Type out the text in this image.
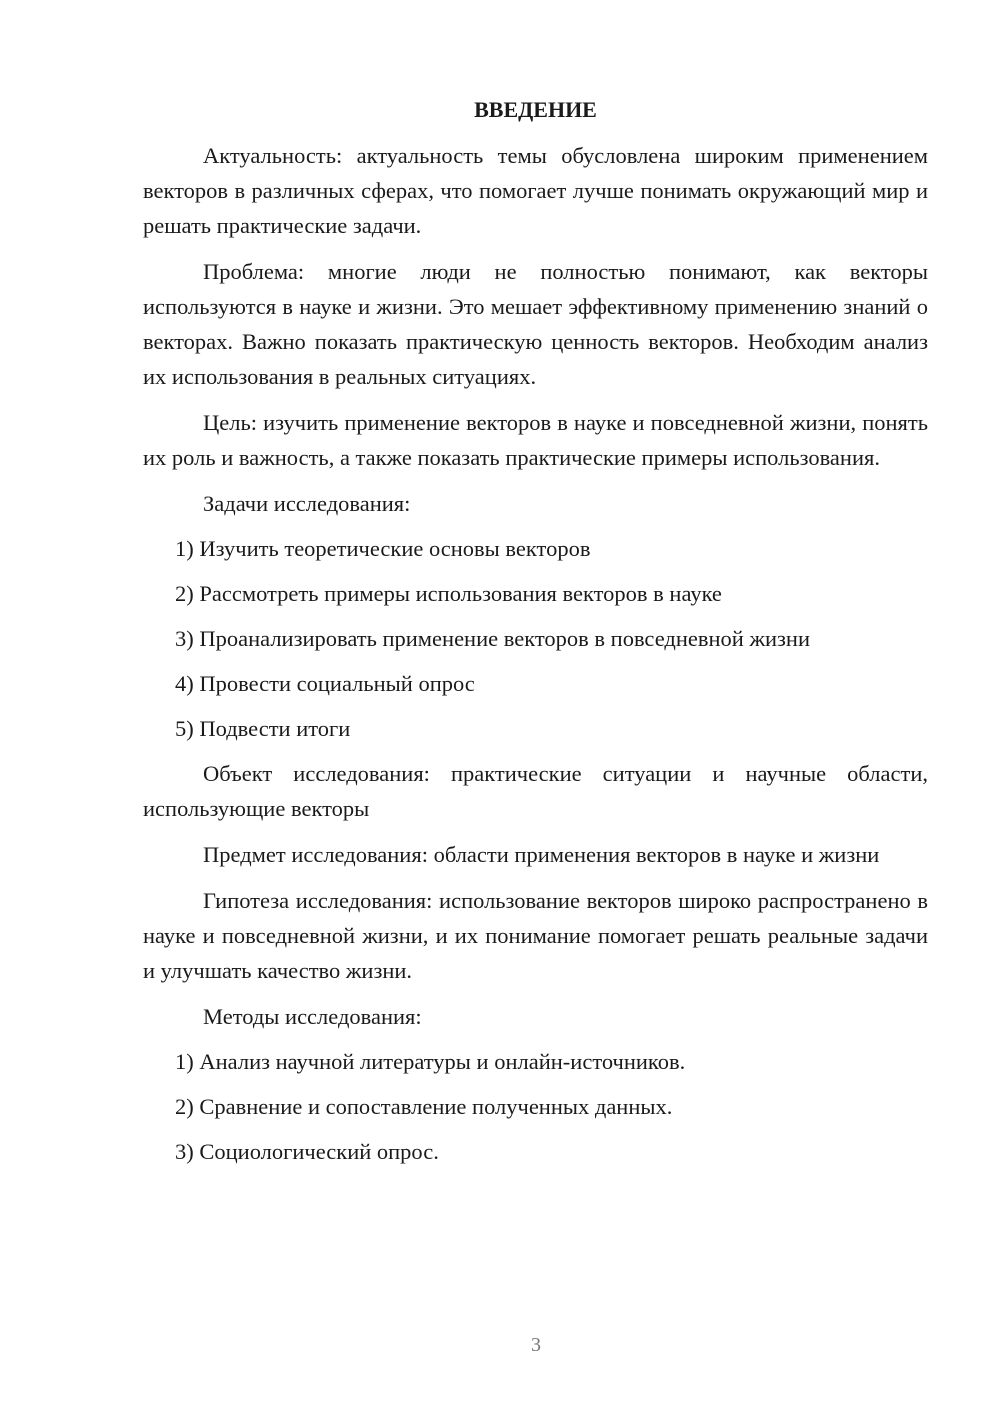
ВВЕДЕНИЕ

Актуальность: актуальность темы обусловлена широким применением векторов в различных сферах, что помогает лучше понимать окружающий мир и решать практические задачи.

Проблема: многие люди не полностью понимают, как векторы используются в науке и жизни. Это мешает эффективному применению знаний о векторах. Важно показать практическую ценность векторов. Необходим анализ их использования в реальных ситуациях.

Цель: изучить применение векторов в науке и повседневной жизни, понять их роль и важность, а также показать практические примеры использования.

Задачи исследования:

1) Изучить теоретические основы векторов

2) Рассмотреть примеры использования векторов в науке

3) Проанализировать применение векторов в повседневной жизни

4) Провести социальный опрос

5) Подвести итоги

Объект исследования: практические ситуации и научные области, использующие векторы

Предмет исследования: области применения векторов в науке и жизни

Гипотеза исследования: использование векторов широко распространено в науке и повседневной жизни, и их понимание помогает решать реальные задачи и улучшать качество жизни.

Методы исследования:

1) Анализ научной литературы и онлайн-источников.

2) Сравнение и сопоставление полученных данных.

3) Социологический опрос.

3
